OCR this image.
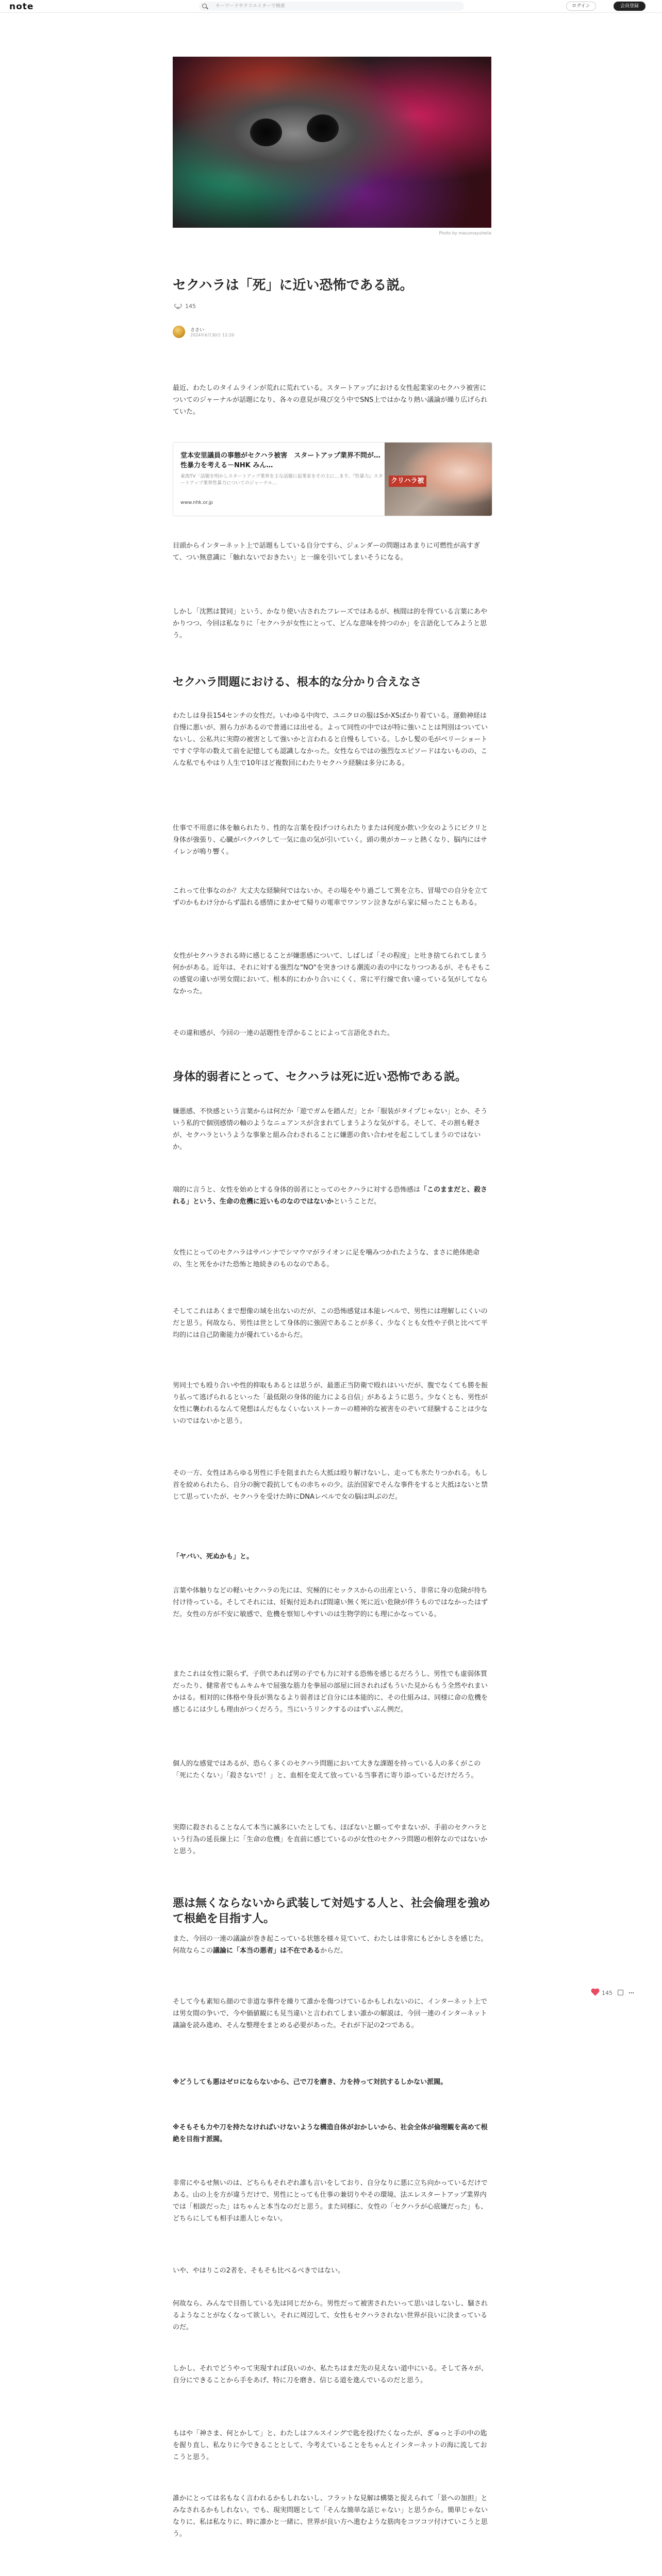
note	キーワードやクリエイターで検索	ログイン	会員登録
Photo by masumayuhelia
セクハラは「死」に近い恐怖である説。
145
ささい
2024年6月30日 12:20

最近、わたしのタイムラインが荒れに荒れている。スタートアップにおける女性起業家のセクハラ被害についてのジャーナルが話題になり、各々の意見が飛び交う中でSNS上ではかなり熱い議論が繰り広げられていた。

堂本安里議員の事態がセクハラ被害　スタートアップ業界不問が…性暴力を考える－NHK みん…
東海TV「話題を明かしスタートアップ業界を主な話題に起業家をその主に…ます。『性暴力』スタートアップ業界性暴力についてのジャーナル…
www.nhk.or.jp
クリハラ被

目頭からインターネット上で話題もしている自分ですら、ジェンダーの問題はあまりに可燃性が高すぎて、つい無意識に「触れないでおきたい」と一線を引いてしまいそうになる。

しかし「沈黙は賛同」という、かなり使い古されたフレーズではあるが、核間は的を得ている言葉にあやかりつつ、今回は私なりに「セクハラが女性にとって、どんな意味を持つのか」を言語化してみようと思う。

セクハラ問題における、根本的な分かり合えなさ

わたしは身長154センチの女性だ。いわゆる中肉で、ユニクロの服はSかXSばかり着ている。運動神経は自慢に悪いが、割ら力があるので普通には出せる。よって同性の中ではが特に強いことは判別はついていないし、公私共に実際の被害として強いかと言われると自慢もしている。しかし髪の毛がベリーショートですぐ学年の数えて前を記憶しても認識しなかった。女性ならではの強烈なエピソードはないものの、こんな私でもやはり人生で10年ほど複数回にわたりセクハラ経験は多分にある。

仕事で不用意に体を触られたり、性的な言葉を投げつけられたりまたは何度か飲い少女のようにピクリと身体が強張り、心臓がバクバクして一気に血の気が引いていく。頭の奥がカーッと熱くなり、脳内にはサイレンが鳴り響く。

これって仕事なのか？大丈夫な経験何ではないか。その場をやり過ごして異を立ち、冒場での自分を立てずのかもわけ分からず温れる感情にまかせて帰りの電車でワンワン泣きながら家に帰ったこともある。

女性がセクハラされる時に感じることが嫌悪感について、しばしば「その程度」と吐き捨てられてしまう何かがある。近年は、それに対する強烈な"NO"を突きつける潮流の表の中になりつつあるが、そもそもこの感覚の違いが男女間において、根本的にわかり合いにくく、常に平行線で食い違っている気がしてならなかった。

その違和感が、今回の一連の話題性を浮かることによって言語化された。

身体的弱者にとって、セクハラは死に近い恐怖である説。

嫌悪感、不快感という言葉からは何だか「遊でガムを踏んだ」とか「服装がタイプじゃない」とか、そういう私的で個別感情の軸のようなニュアンスが含まれてしまうような気がする。そして、その割も軽さが、セクハラというような事象と組み合わされることに嫌悪の食い合わせを起こしてしまうのではないか。

端的に言うと、女性を始めとする身体的弱者にとってのセクハラに対する恐怖感は「このままだと、殺される」という、生命の危機に近いものなのではないかということだ。

女性にとってのセクハラはサバンナでシマウマがライオンに足を噛みつかれたような、まさに絶体絶命の、生と死をかけた恐怖と地続きのものなのである。

そしてこれはあくまで想像の域を出ないのだが、この恐怖感覚は本能レベルで、男性には理解しにくいのだと思う。何故なら、男性は世として身体的に強固であることが多く、少なくとも女性や子供と比べて平均的には自己防衛能力が優れているからだ。

男同士でも殴り合いや性的抑取もあるとは思うが、最悪正当防衛で殴れはいいだが、腹でなくても勝を振り払って逃げられるといった「最低限の身体的能力による自信」があるように思う。少なくとも、男性が女性に襲われるなんて発想はんだもなくいないストーカーの精神的な被害をのぞいて経験することは少ないのではないかと思う。

その一方、女性はあらゆる男性に手を阻まれたら大抵は殴り解けないし、走っても氷たりつかれる。もし首を絞められたら、自分の腕で殺抗してもの赤ちゃの少。法治国家でそんな事件をすると大抵はないと禁じて思っていたが、セクハラを受けた時にDNAレベルで女の脳は叫ぶのだ。

「ヤバい、死ぬかも」と。

言葉や体触りなどの軽いセクハラの先には、究極的にセックスからの出産という、非常に身の危険が待ち付け待っている。そしてそれには、妊娠付近あれば間違い無く死に近い危険が伴うものではなかったはずだ。女性の方が不安に敏感で、危機を察知しやすいのは生物学的にも理にかなっている。

またこれは女性に限らず、子供であれば男の子でも力に対する恐怖を感じるだろうし、男性でも虚弱体質だったり、健常者でもムキムキで屈強な筋力を拳屈の部屋に回されればもういた見からもう全然やれまいかはる。相対的に体格や身長が異なるより弱者ほど自分には本能的に、その仕組みは、同様に命の危機を感じるには少しも理由がつくだろう。当にいうリンクするのはずいぶん例だ。

個人的な感覚ではあるが、恐らく多くのセクハラ問題において大きな課題を持っている人の多くがこの「死にたくない」「殺さないで！」と、血相を変えて放っている当事者に寄り添っているだけだろう。

実際に殺されることなんて本当に滅多にいたとしても、ほぼないと願ってやまないが、手前のセクハラという行為の延長線上に「生命の危機」を直前に感じているのが女性のセクハラ問題の根幹なのではないかと思う。

悪は無くならないから武装して対処する人と、社会倫理を強めて根絶を目指す人。

また、今回の一連の議論が巻き起こっている状態を様々見ていて、わたしは非常にもどかしさを感じた。何故ならこの議論に「本当の悪者」は不在であるからだ。

145	⋯

そして今も素知ら顔ので非道な事件を繰りて誰かを傷つけているかもしれないのに、インターネット上では男女間の争いで、今や価値観にも見当違いと言われてしまい誰かの解説は、今回一連のインターネット議論を読み進め、そんな整理をまとめる必要があった。それが下記の2つである。

※どうしても悪はゼロにならないから、己で刀を磨き、力を持って対抗するしかない派閥。

※そもそも力や刀を持たなければいけないような構造自体がおかしいから、社会全体が倫理観を高めて根絶を目指す派閥。

非常にやるせ無いのは、どちらもそれぞれ誰も言いをしており、自分なりに悪に立ち向かっているだけである。山の上を方が違うだけで、男性にとっても仕事の兼切りやその環境、法エレスタートアップ業界内では「相談だった」はちゃんと本当なのだと思う。また同様に、女性の「セクハラが心底嫌だった」も、どちらにしても相手は悪人じゃない。

いや、やはりこの2者を、そもそも比べるべきではない。

何故なら、みんなで目指している先は同じだから。男性だって被害されたいって思いはしないし、騒されるようなことがなくなって欲しい。それに周辺して、女性もセクハラされない世界が良いに決まっているのだ。

しかし、それでどうやって実現すれば良いのか、私たちはまだ先の見えない道中にいる。そして各々が、自分にできることから手をあげ、特に刀を磨き、信じる道を進んでいるのだと思う。

もはや「神さま、何とかして」と、わたしはフルスイングで匙を投げたくなったが、ぎゅっと手の中の匙を握り直し、私なりに今できることとして、今考えていることをちゃんとインターネットの海に流しておこうと思う。

誰かにとっては名もなく言われるかもしれないし、フラットな見解は構築と捉えられて「景への加担」とみなされるかもしれない。でも、現実問題として「そんな簡単な話じゃない」と思うから。簡単じゃないなりに、私は私なりに、時に誰かと一緒に、世界が良い方へ進むような筋肉をコツコツ付けていこうと思う。
